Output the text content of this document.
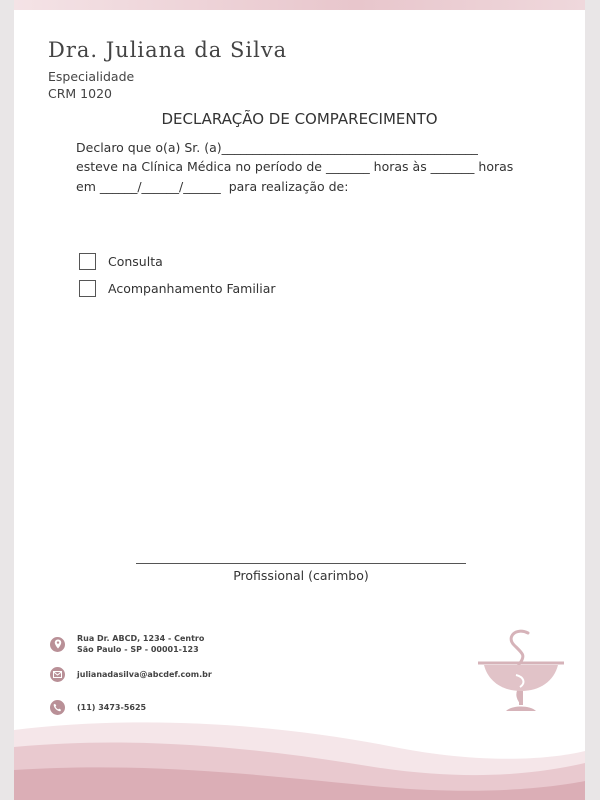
Dra. Juliana da Silva
Especialidade
CRM 1020
DECLARAÇÃO DE COMPARECIMENTO
Declaro que o(a) Sr. (a)_________________________________________
esteve na Clínica Médica no período de _______ horas às _______ horas
em ______/______/______  para realização de:
Consulta
Acompanhamento Familiar
Profissional (carimbo)
Rua Dr. ABCD, 1234 - Centro
São Paulo - SP - 00001-123
julianadasilva@abcdef.com.br
(11) 3473-5625
